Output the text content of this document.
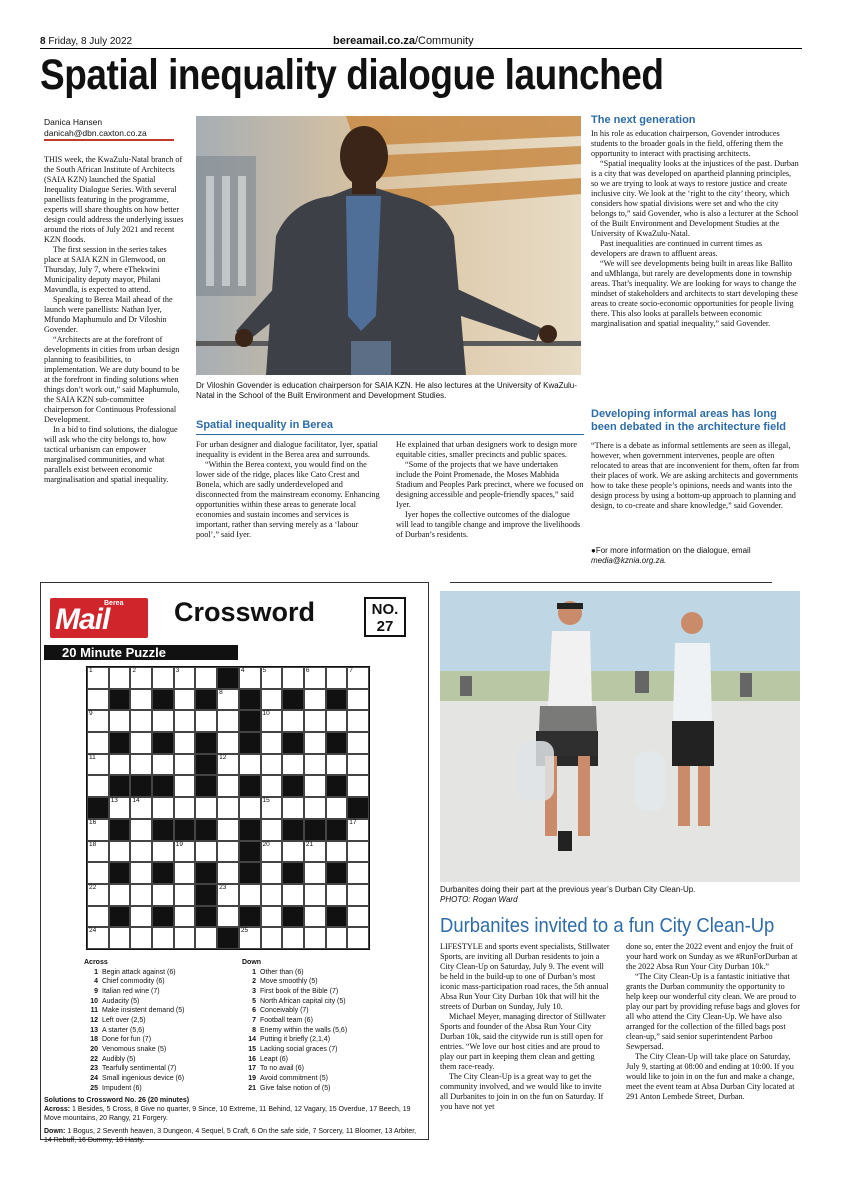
8 Friday, 8 July 2022	bereamail.co.za/Community
Spatial inequality dialogue launched
Danica Hansen
danicah@dbn.caxton.co.za

THIS week, the KwaZulu-Natal branch of the South African Institute of Architects (SAIA KZN) launched the Spatial Inequality Dialogue Series. With several panellists featuring in the programme, experts will share thoughts on how better design could address the underlying issues around the riots of July 2021 and recent KZN floods.

The first session in the series takes place at SAIA KZN in Glenwood, on Thursday, July 7, where eThekwini Municipality deputy mayor, Philani Mavundla, is expected to attend.

Speaking to Berea Mail ahead of the launch were panellists: Nathan Iyer, Mfundo Maphumulo and Dr Viloshin Govender.

“Architects are at the forefront of developments in cities from urban design planning to feasibilities, to implementation. We are duty bound to be at the forefront in finding solutions when things don’t work out,” said Maphumulo, the SAIA KZN sub-committee chairperson for Continuous Professional Development.

In a bid to find solutions, the dialogue will ask who the city belongs to, how tactical urbanism can empower marginalised communities, and what parallels exist between economic marginalisation and spatial inequality.

Dr Viloshin Govender is education chairperson for SAIA KZN. He also lectures at the University of KwaZulu-Natal in the School of the Built Environment and Development Studies.
Spatial inequality in Berea

For urban designer and dialogue facilitator, Iyer, spatial inequality is evident in the Berea area and surrounds.

“Within the Berea context, you would find on the lower side of the ridge, places like Cato Crest and Bonela, which are sadly underdeveloped and disconnected from the mainstream economy. Enhancing opportunities within these areas to generate local economies and sustain incomes and services is important, rather than serving merely as a ‘labour pool’,” said Iyer.

He explained that urban designers work to design more equitable cities, smaller precincts and public spaces.

“Some of the projects that we have undertaken include the Point Promenade, the Moses Mabhida Stadium and Peoples Park precinct, where we focused on designing accessible and people-friendly spaces,” said Iyer.

Iyer hopes the collective outcomes of the dialogue will lead to tangible change and improve the livelihoods of Durban’s residents.

The next generation

In his role as education chairperson, Govender introduces students to the broader goals in the field, offering them the opportunity to interact with practising architects.

“Spatial inequality looks at the injustices of the past. Durban is a city that was developed on apartheid planning principles, so we are trying to look at ways to restore justice and create inclusive city. We look at the ‘right to the city’ theory, which considers how spatial divisions were set and who the city belongs to,” said Govender, who is also a lecturer at the School of the Built Environment and Development Studies at the University of KwaZulu-Natal.

Past inequalities are continued in current times as developers are drawn to affluent areas.

“We will see developments being built in areas like Ballito and uMhlanga, but rarely are developments done in township areas. That’s inequality. We are looking for ways to change the mindset of stakeholders and architects to start developing these areas to create socio-economic opportunities for people living there. This also looks at parallels between economic marginalisation and spatial inequality,” said Govender.

Developing informal areas has long been debated in the architecture field

“There is a debate as informal settlements are seen as illegal, however, when government intervenes, people are often relocated to areas that are inconvenient for them, often far from their places of work. We are asking architects and governments how to take these people’s opinions, needs and wants into the design process by using a bottom-up approach to planning and design, to co-create and share knowledge,” said Govender.

●For more information on the dialogue, email media@kznia.org.za.
Berea
Mail Crossword	NO.
27
20 Minute Puzzle
1	2	3	4	5	6	7
8
9	10
11	12
13 14	15
16	17
18	19	20	21
22	23
24	25
Across
1 Begin attack against (6)
4 Chief commodity (6)
9 Italian red wine (7)
10 Audacity (5)
11 Make insistent demand (5)
12 Left over (2,5)
13 A starter (5,6)
18 Done for fun (7)
20 Venomous snake (5)
22 Audibly (5)
23 Tearfully sentimental (7)
24 Small ingenious device (6)
25 Impudent (6)
Down
1 Other than (6)
2 Move smoothly (5)
3 First book of the Bible (7)
5 North African capital city (5)
6 Conceivably (7)
7 Football team (6)
8 Enemy within the walls (5,6)
14 Putting it briefly (2,1,4)
15 Lacking social graces (7)
16 Leapt (6)
17 To no avail (6)
19 Avoid commitment (5)
21 Give false notion of (5)
Solutions to Crossword No. 26 (20 minutes)
Across: 1 Besides, 5 Cross, 8 Give no quarter, 9 Since, 10 Extreme, 11 Behind, 12 Vagary, 15 Overdue, 17 Beech, 19 Move mountains, 20 Rangy, 21 Forgery.
Down: 1 Bogus, 2 Seventh heaven, 3 Dungeon, 4 Sequel, 5 Craft, 6 On the safe side, 7 Sorcery, 11 Bloomer, 13 Arbiter, 14 Rebuff, 16 Dummy, 18 Hasty.
Durbanites doing their part at the previous year’s Durban City Clean-Up.
PHOTO: Rogan Ward
Durbanites invited to a fun City Clean-Up

LIFESTYLE and sports event specialists, Stillwater Sports, are inviting all Durban residents to join a City Clean-Up on Saturday, July 9. The event will be held in the build-up to one of Durban’s most iconic mass-participation road races, the 5th annual Absa Run Your City Durban 10k that will hit the streets of Durban on Sunday, July 10.

Michael Meyer, managing director of Stillwater Sports and founder of the Absa Run Your City Durban 10k, said the citywide run is still open for entries. “We love our host cities and are proud to play our part in keeping them clean and getting them race-ready.

The City Clean-Up is a great way to get the community involved, and we would like to invite all Durbanites to join in on the fun on Saturday. If you have not yet

done so, enter the 2022 event and enjoy the fruit of your hard work on Sunday as we #RunForDurban at the 2022 Absa Run Your City Durban 10k.”

“The City Clean-Up is a fantastic initiative that grants the Durban community the opportunity to help keep our wonderful city clean. We are proud to play our part by providing refuse bags and gloves for all who attend the City Clean-Up. We have also arranged for the collection of the filled bags post clean-up,” said senior superintendent Parboo Sewpersad.

The City Clean-Up will take place on Saturday, July 9, starting at 08:00 and ending at 10:00. If you would like to join in on the fun and make a change, meet the event team at Absa Durban City located at 291 Anton Lembede Street, Durban.
